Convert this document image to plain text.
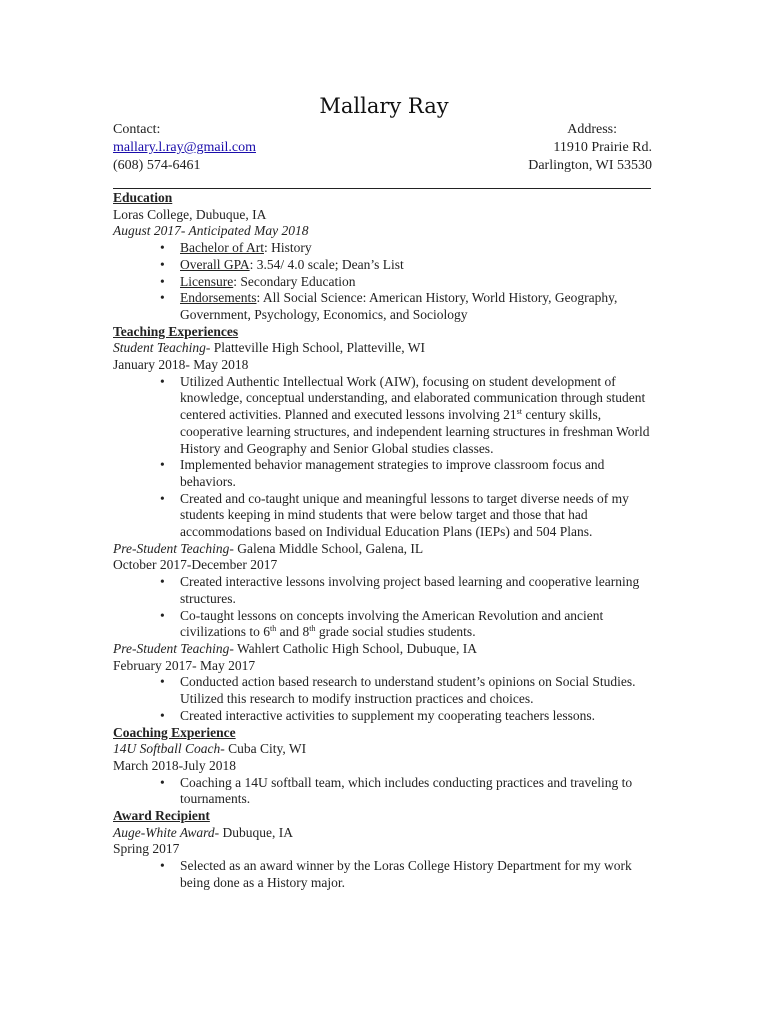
Mallary Ray
Contact:	Address:
mallary.l.ray@gmail.com	11910 Prairie Rd.
(608) 574-6461	Darlington, WI 53530

Education

Loras College, Dubuque, IA

August 2017- Anticipated May 2018

• Bachelor of Art: History
• Overall GPA: 3.54/ 4.0 scale; Dean’s List
• Licensure: Secondary Education
• Endorsements: All Social Science: American History, World History, Geography, Government, Psychology, Economics, and Sociology

Teaching Experiences

Student Teaching- Platteville High School, Platteville, WI

January 2018- May 2018

• Utilized Authentic Intellectual Work (AIW), focusing on student development of knowledge, conceptual understanding, and elaborated communication through student centered activities. Planned and executed lessons involving 21st century skills, cooperative learning structures, and independent learning structures in freshman World History and Geography and Senior Global studies classes.
• Implemented behavior management strategies to improve classroom focus and behaviors.
• Created and co-taught unique and meaningful lessons to target diverse needs of my students keeping in mind students that were below target and those that had accommodations based on Individual Education Plans (IEPs) and 504 Plans.

Pre-Student Teaching- Galena Middle School, Galena, IL

October 2017-December 2017

• Created interactive lessons involving project based learning and cooperative learning structures.
• Co-taught lessons on concepts involving the American Revolution and ancient civilizations to 6th and 8th grade social studies students.

Pre-Student Teaching- Wahlert Catholic High School, Dubuque, IA

February 2017- May 2017

• Conducted action based research to understand student’s opinions on Social Studies. Utilized this research to modify instruction practices and choices.
• Created interactive activities to supplement my cooperating teachers lessons.

Coaching Experience

14U Softball Coach- Cuba City, WI

March 2018-July 2018

• Coaching a 14U softball team, which includes conducting practices and traveling to tournaments.

Award Recipient

Auge-White Award- Dubuque, IA

Spring 2017

• Selected as an award winner by the Loras College History Department for my work being done as a History major.
